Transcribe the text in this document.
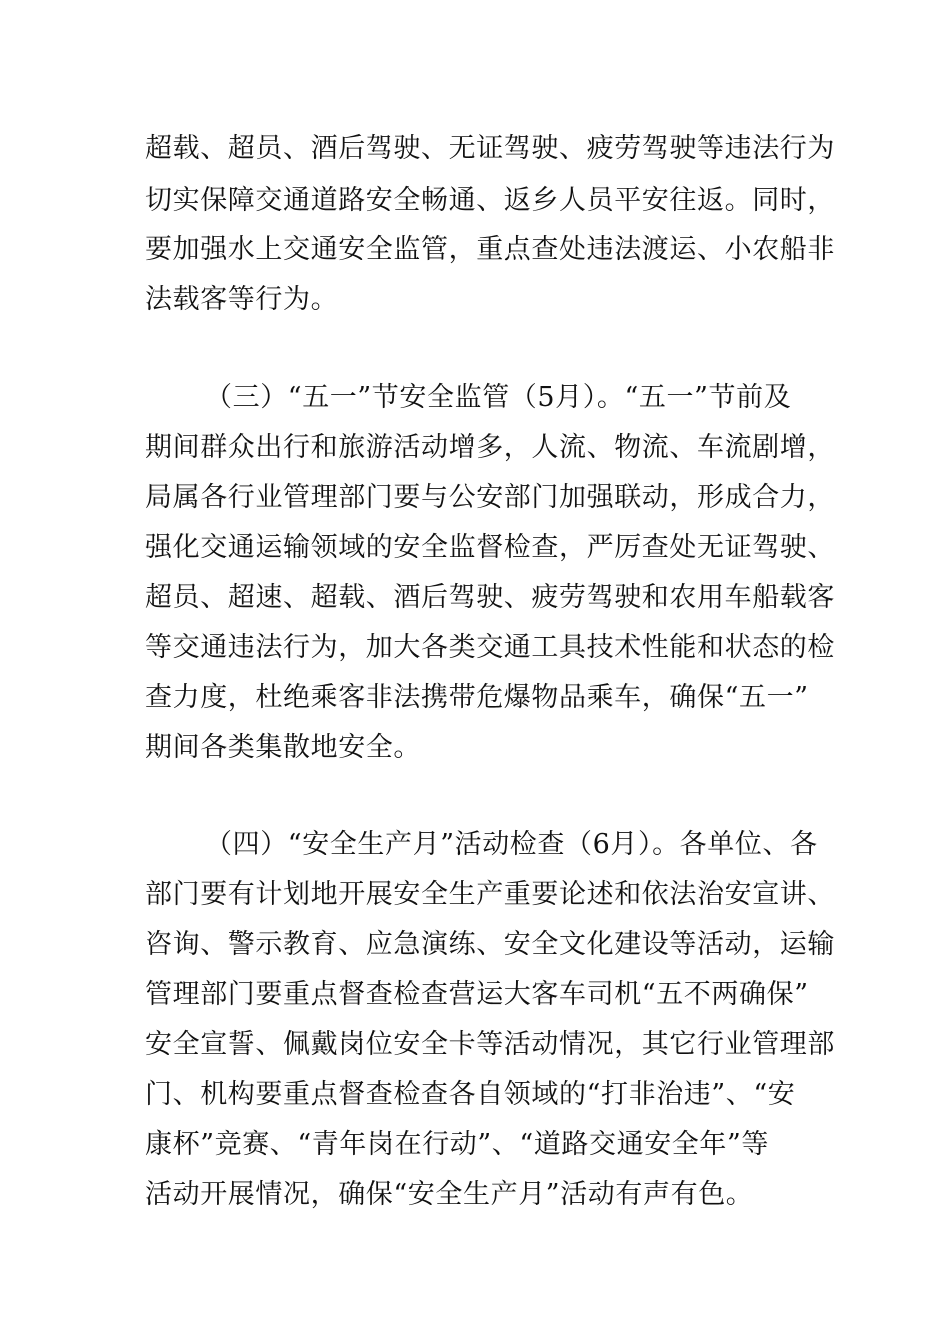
超载、超员、酒后驾驶、无证驾驶、疲劳驾驶等违法行为
切实保障交通道路安全畅通、返乡人员平安往返。同时，
要加强水上交通安全监管，重点查处违法渡运、小农船非
法载客等行为。
（三）“五一”节安全监管（5月）。“五一”节前及
期间群众出行和旅游活动增多，人流、物流、车流剧增，
局属各行业管理部门要与公安部门加强联动，形成合力，
强化交通运输领域的安全监督检查，严厉查处无证驾驶、
超员、超速、超载、酒后驾驶、疲劳驾驶和农用车船载客
等交通违法行为，加大各类交通工具技术性能和状态的检
查力度，杜绝乘客非法携带危爆物品乘车，确保“五一”
期间各类集散地安全。
（四）“安全生产月”活动检查（6月）。各单位、各
部门要有计划地开展安全生产重要论述和依法治安宣讲、
咨询、警示教育、应急演练、安全文化建设等活动，运输
管理部门要重点督查检查营运大客车司机“五不两确保”
安全宣誓、佩戴岗位安全卡等活动情况，其它行业管理部
门、机构要重点督查检查各自领域的“打非治违”、“安
康杯”竞赛、“青年岗在行动”、“道路交通安全年”等
活动开展情况，确保“安全生产月”活动有声有色。
